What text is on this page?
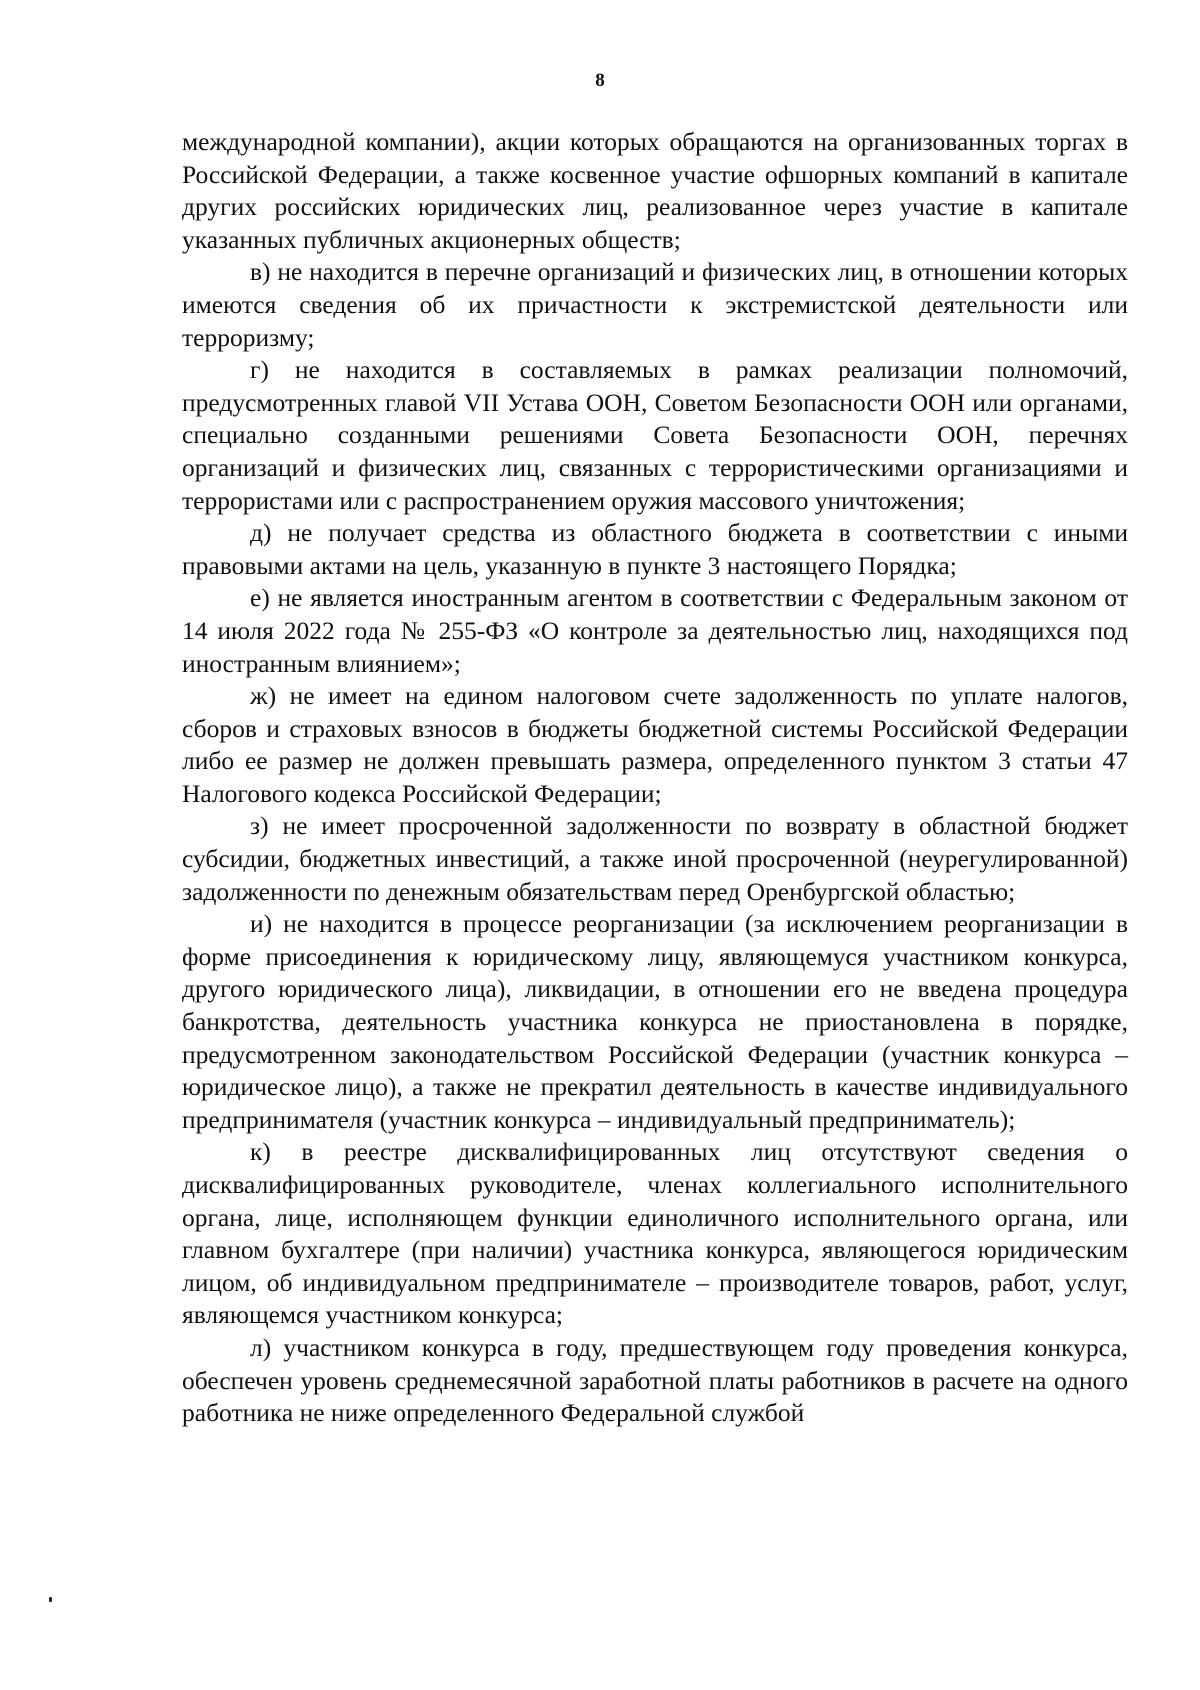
8

международной компании), акции которых обращаются на организованных торгах в Российской Федерации, а также косвенное участие офшорных компаний в капитале других российских юридических лиц, реализованное через участие в капитале указанных публичных акционерных обществ;

в) не находится в перечне организаций и физических лиц, в отношении которых имеются сведения об их причастности к экстремистской деятельности или терроризму;

г) не находится в составляемых в рамках реализации полномочий, предусмотренных главой VII Устава ООН, Советом Безопасности ООН или органами, специально созданными решениями Совета Безопасности ООН, перечнях организаций и физических лиц, связанных с террористическими организациями и террористами или с распространением оружия массового уничтожения;

д) не получает средства из областного бюджета в соответствии с иными правовыми актами на цель, указанную в пункте 3 настоящего Порядка;

е) не является иностранным агентом в соответствии с Федеральным законом от 14 июля 2022 года № 255-ФЗ «О контроле за деятельностью лиц, находящихся под иностранным влиянием»;

ж) не имеет на едином налоговом счете задолженность по уплате налогов, сборов и страховых взносов в бюджеты бюджетной системы Российской Федерации либо ее размер не должен превышать размера, определенного пунктом 3 статьи 47 Налогового кодекса Российской Федерации;

з) не имеет просроченной задолженности по возврату в областной бюджет субсидии, бюджетных инвестиций, а также иной просроченной (неурегулированной) задолженности по денежным обязательствам перед Оренбургской областью;

и) не находится в процессе реорганизации (за исключением реорганизации в форме присоединения к юридическому лицу, являющемуся участником конкурса, другого юридического лица), ликвидации, в отношении его не введена процедура банкротства, деятельность участника конкурса не приостановлена в порядке, предусмотренном законодательством Российской Федерации (участник конкурса – юридическое лицо), а также не прекратил деятельность в качестве индивидуального предпринимателя (участник конкурса – индивидуальный предприниматель);

к) в реестре дисквалифицированных лиц отсутствуют сведения о дисквалифицированных руководителе, членах коллегиального исполнительного органа, лице, исполняющем функции единоличного исполнительного органа, или главном бухгалтере (при наличии) участника конкурса, являющегося юридическим лицом, об индивидуальном предпринимателе – производителе товаров, работ, услуг, являющемся участником конкурса;

л) участником конкурса в году, предшествующем году проведения конкурса, обеспечен уровень среднемесячной заработной платы работников в расчете на одного работника не ниже определенного Федеральной службой
